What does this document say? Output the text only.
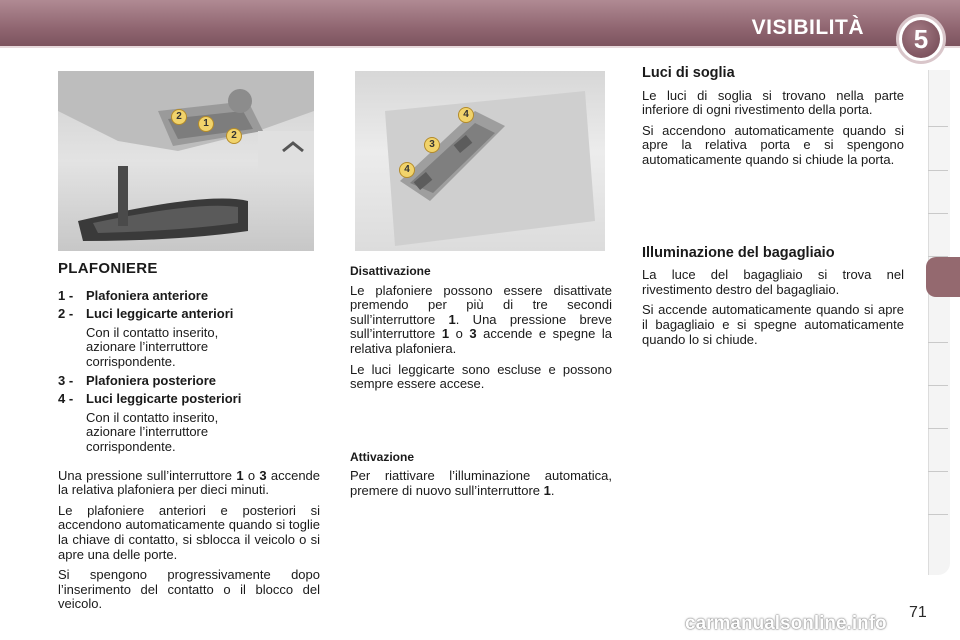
VISIBILITÀ	5
2
1
2
4
3
4
PLAFONIERE
1 - Plafoniera anteriore
2 - Luci leggicarte anteriori
Con il contatto inserito, azionare l’interruttore corrispondente.
3 - Plafoniera posteriore
4 - Luci leggicarte posteriori
Con il contatto inserito, azionare l’interruttore corrispondente.

Una pressione sull’interruttore 1 o 3 accende la relativa plafoniera per dieci minuti.

Le plafoniere anteriori e posteriori si accendono automaticamente quando si toglie la chiave di contatto, si sblocca il veicolo o si apre una delle porte.

Si spengono progressivamente dopo l’inserimento del contatto o il blocco del veicolo.

Disattivazione

Le plafoniere possono essere disattivate premendo per più di tre secondi sull’interruttore 1. Una pressione breve sull’interruttore 1 o 3 accende e spegne la relativa plafoniera.

Le luci leggicarte sono escluse e possono sempre essere accese.

Attivazione

Per riattivare l’illuminazione automatica, premere di nuovo sull’interruttore 1.

Luci di soglia

Le luci di soglia si trovano nella parte inferiore di ogni rivestimento della porta.

Si accendono automaticamente quando si apre la relativa porta e si spengono automaticamente quando si chiude la porta.

Illuminazione del bagagliaio

La luce del bagagliaio si trova nel rivestimento destro del bagagliaio.

Si accende automaticamente quando si apre il bagagliaio e si spegne automaticamente quando lo si chiude.

71
carmanualsonline.info
